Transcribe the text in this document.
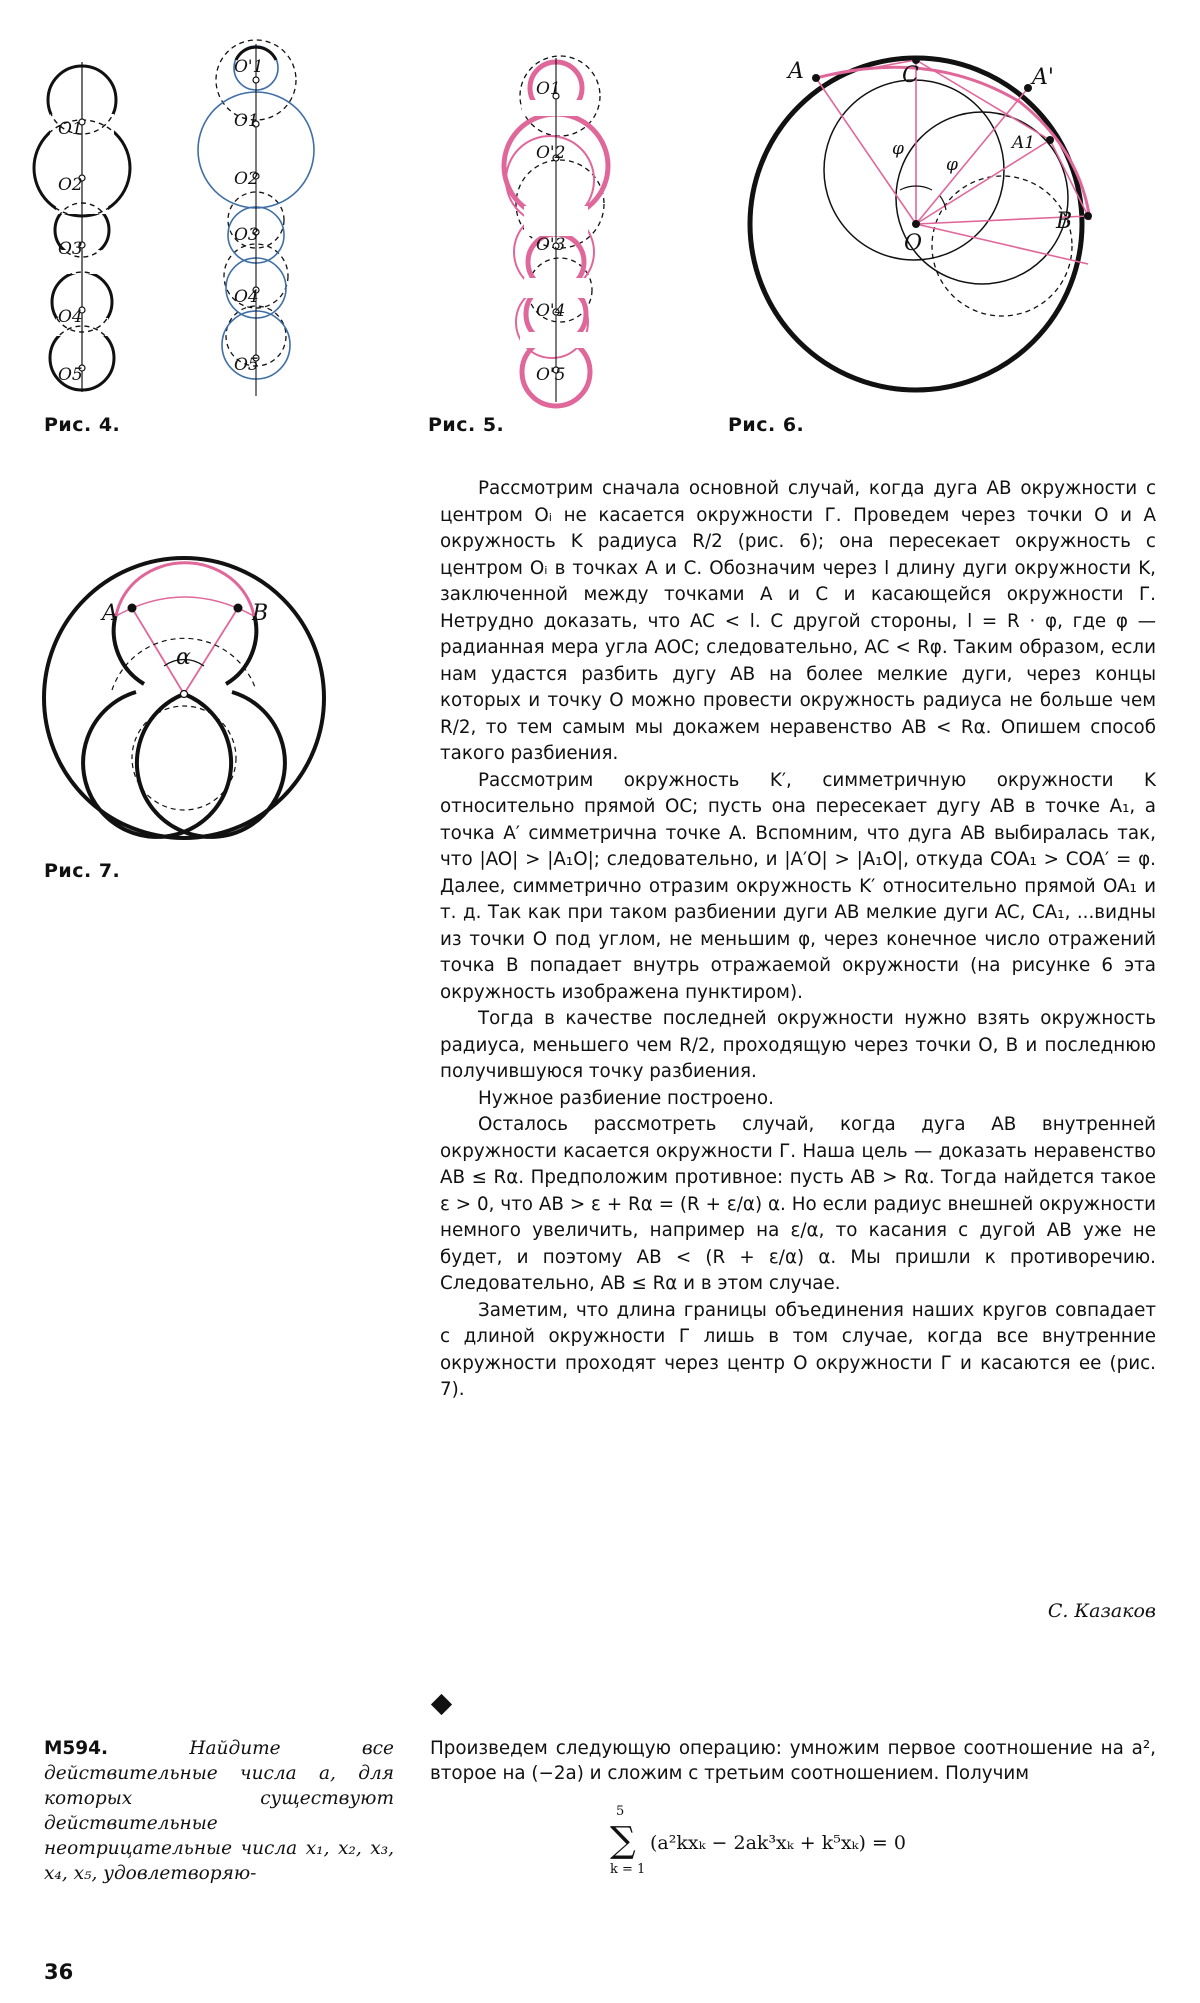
O1
O2
O3
O4
O5
O'1
O1
O2
O3
O4
O5
Рис. 4.
O1
O'2
O'3
O'4
O'5
Рис. 5.
A	C	A'
A1
B
O
φ
φ
Рис. 6.
A	B
α
Рис. 7.

Рассмотрим сначала основной случай, когда дуга AB окружности с центром Oᵢ не касается окружности Г. Проведем через точки O и A окружность K радиуса R/2 (рис. 6); она пересекает окружность с центром Oᵢ в точках A и C. Обозначим через l длину дуги окружности K, заключенной между точками A и C и касающейся окружности Г. Нетрудно доказать, что AC < l. С другой стороны, l = R · φ, где φ — радианная мера угла AOC; следовательно, AC < Rφ. Таким образом, если нам удастся разбить дугу AB на более мелкие дуги, через концы которых и точку O можно провести окружность радиуса не больше чем R/2, то тем самым мы докажем неравенство AB < Rα. Опишем способ такого разбиения.

Рассмотрим окружность K′, симметричную окружности K относительно прямой OC; пусть она пересекает дугу AB в точке A₁, а точка A′ симметрична точке A. Вспомним, что дуга AB выбиралась так, что |AO| > |A₁O|; следовательно, и |A′O| > |A₁O|, откуда COA₁ > COA′ = φ. Далее, симметрично отразим окружность K′ относительно прямой OA₁ и т. д. Так как при таком разбиении дуги AB мелкие дуги AC, CA₁, ...видны из точки O под углом, не меньшим φ, через конечное число отражений точка B попадает внутрь отражаемой окружности (на рисунке 6 эта окружность изображена пунктиром).

Тогда в качестве последней окружности нужно взять окружность радиуса, меньшего чем R/2, проходящую через точки O, B и последнюю получившуюся точку разбиения.

Нужное разбиение построено.

Осталось рассмотреть случай, когда дуга AB внутренней окружности касается окружности Г. Наша цель — доказать неравенство AB ≤ Rα. Предположим противное: пусть AB > Rα. Тогда найдется такое ε > 0, что AB > ε + Rα = (R + ε/α) α. Но если радиус внешней окружности немного увеличить, например на ε/α, то касания с дугой AB уже не будет, и поэтому AB < (R + ε/α) α. Мы пришли к противоречию. Следовательно, AB ≤ Rα и в этом случае.

Заметим, что длина границы объединения наших кругов совпадает с длиной окружности Г лишь в том случае, когда все внутренние окружности проходят через центр O окружности Г и касаются ее (рис. 7).

С. Казаков
М594.	Найдите все действительные числа a, для которых существуют действительные неотрицательные числа x₁, x₂, x₃, x₄, x₅, удовлетворяю-
Произведем следующую операцию: умножим первое соотношение на a², второе на (−2a) и сложим с третьим соотношением. Получим
5
∑
k = 1
(a²kxₖ − 2ak³xₖ + k⁵xₖ) = 0
36
